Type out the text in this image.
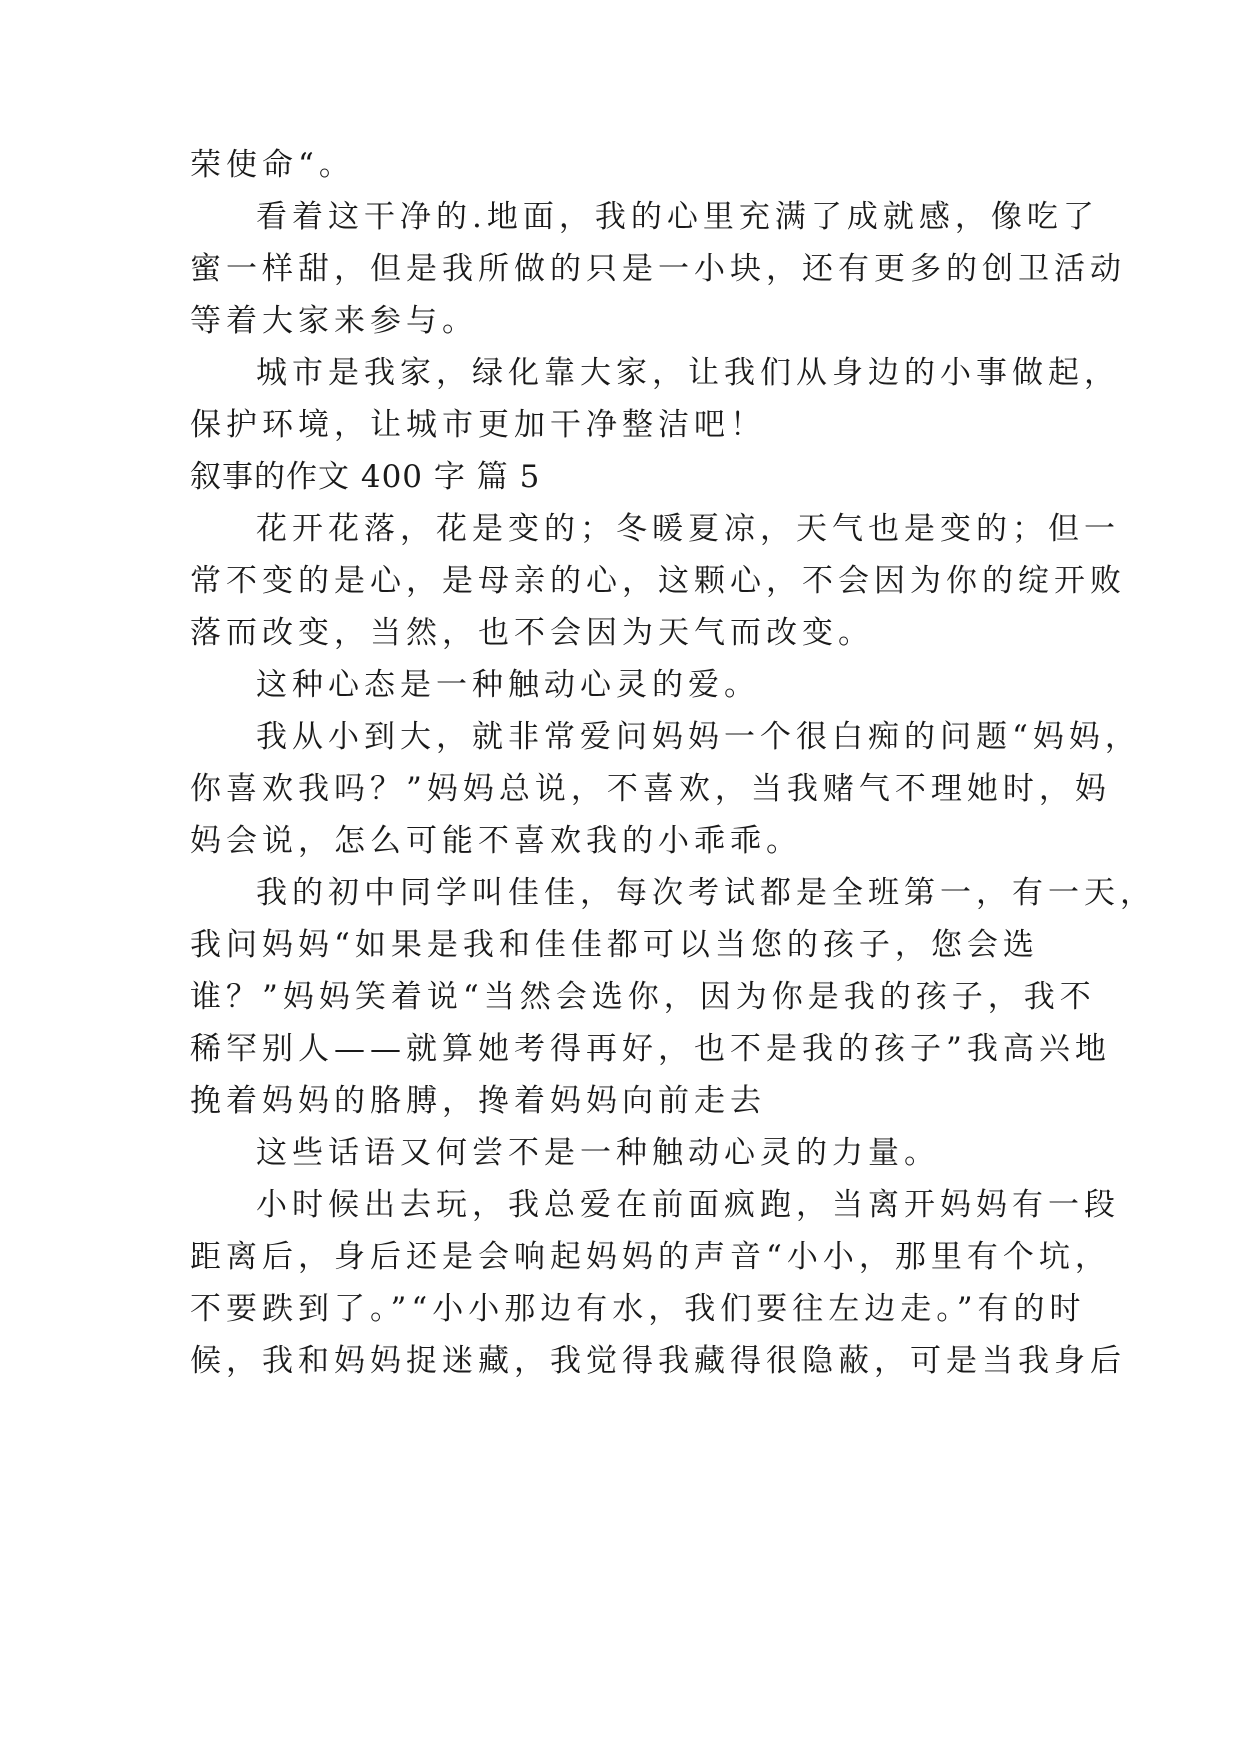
荣使命“。
看着这干净的.地面，我的心里充满了成就感，像吃了
蜜一样甜，但是我所做的只是一小块，还有更多的创卫活动
等着大家来参与。
城市是我家，绿化靠大家，让我们从身边的小事做起，
保护环境，让城市更加干净整洁吧！
叙事的作文 400 字 篇 5
花开花落，花是变的；冬暖夏凉，天气也是变的；但一
常不变的是心，是母亲的心，这颗心，不会因为你的绽开败
落而改变，当然，也不会因为天气而改变。
这种心态是一种触动心灵的爱。
我从小到大，就非常爱问妈妈一个很白痴的问题“妈妈，
你喜欢我吗？”妈妈总说，不喜欢，当我赌气不理她时，妈
妈会说，怎么可能不喜欢我的小乖乖。
我的初中同学叫佳佳，每次考试都是全班第一，有一天，
我问妈妈“如果是我和佳佳都可以当您的孩子，您会选
谁？”妈妈笑着说“当然会选你，因为你是我的孩子，我不
稀罕别人——就算她考得再好，也不是我的孩子”我高兴地
挽着妈妈的胳膊，搀着妈妈向前走去
这些话语又何尝不是一种触动心灵的力量。
小时候出去玩，我总爱在前面疯跑，当离开妈妈有一段
距离后，身后还是会响起妈妈的声音“小小，那里有个坑，
不要跌到了。”“小小那边有水，我们要往左边走。”有的时
候，我和妈妈捉迷藏，我觉得我藏得很隐蔽，可是当我身后
